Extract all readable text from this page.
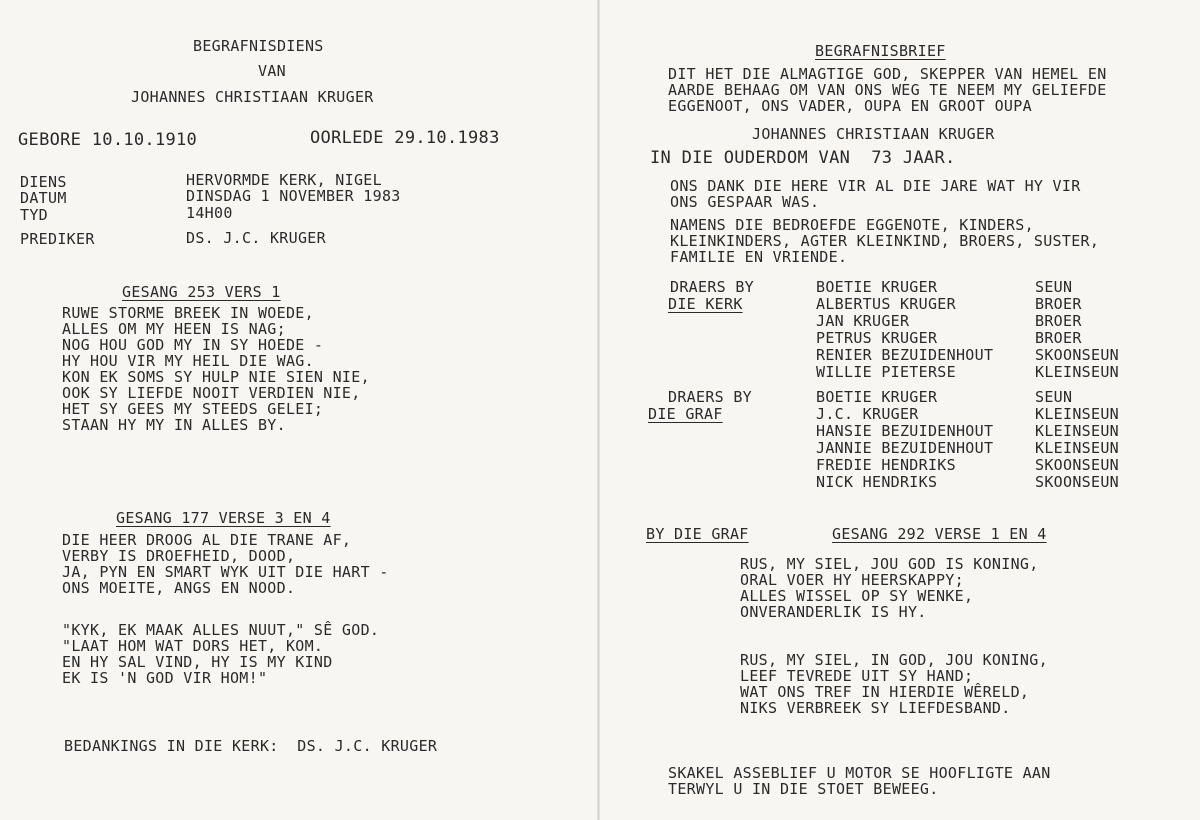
BEGRAFNISDIENS
VAN
JOHANNES CHRISTIAAN KRUGER
GEBORE 10.10.1910	OORLEDE 29.10.1983
DIENS	HERVORMDE KERK, NIGEL
DATUM	DINSDAG 1 NOVEMBER 1983
TYD	14H00
PREDIKER	DS. J.C. KRUGER
GESANG 253 VERS 1
RUWE STORME BREEK IN WOEDE,
ALLES OM MY HEEN IS NAG;
NOG HOU GOD MY IN SY HOEDE -
HY HOU VIR MY HEIL DIE WAG.
KON EK SOMS SY HULP NIE SIEN NIE,
OOK SY LIEFDE NOOIT VERDIEN NIE,
HET SY GEES MY STEEDS GELEI;
STAAN HY MY IN ALLES BY.
GESANG 177 VERSE 3 EN 4
DIE HEER DROOG AL DIE TRANE AF,
VERBY IS DROEFHEID, DOOD,
JA, PYN EN SMART WYK UIT DIE HART -
ONS MOEITE, ANGS EN NOOD.
"KYK, EK MAAK ALLES NUUT," SÊ GOD.
"LAAT HOM WAT DORS HET, KOM.
EN HY SAL VIND, HY IS MY KIND
EK IS 'N GOD VIR HOM!"
BEDANKINGS IN DIE KERK:  DS. J.C. KRUGER
BEGRAFNISBRIEF
DIT HET DIE ALMAGTIGE GOD, SKEPPER VAN HEMEL EN
AARDE BEHAAG OM VAN ONS WEG TE NEEM MY GELIEFDE
EGGENOOT, ONS VADER, OUPA EN GROOT OUPA
JOHANNES CHRISTIAAN KRUGER
IN DIE OUDERDOM VAN  73 JAAR.
ONS DANK DIE HERE VIR AL DIE JARE WAT HY VIR
ONS GESPAAR WAS.
NAMENS DIE BEDROEFDE EGGENOTE, KINDERS,
KLEINKINDERS, AGTER KLEINKIND, BROERS, SUSTER,
FAMILIE EN VRIENDE.
DRAERS BY
DIE KERK
BOETIE KRUGER	SEUN
ALBERTUS KRUGER	BROER
JAN KRUGER	BROER
PETRUS KRUGER	BROER
RENIER BEZUIDENHOUT	SKOONSEUN
WILLIE PIETERSE	KLEINSEUN
DRAERS BY
DIE GRAF
BOETIE KRUGER	SEUN
J.C. KRUGER	KLEINSEUN
HANSIE BEZUIDENHOUT	KLEINSEUN
JANNIE BEZUIDENHOUT	KLEINSEUN
FREDIE HENDRIKS	SKOONSEUN
NICK HENDRIKS	SKOONSEUN
BY DIE GRAF	GESANG 292 VERSE 1 EN 4
RUS, MY SIEL, JOU GOD IS KONING,
ORAL VOER HY HEERSKAPPY;
ALLES WISSEL OP SY WENKE,
ONVERANDERLIK IS HY.
RUS, MY SIEL, IN GOD, JOU KONING,
LEEF TEVREDE UIT SY HAND;
WAT ONS TREF IN HIERDIE WÊRELD,
NIKS VERBREEK SY LIEFDESBAND.
SKAKEL ASSEBLIEF U MOTOR SE HOOFLIGTE AAN
TERWYL U IN DIE STOET BEWEEG.
